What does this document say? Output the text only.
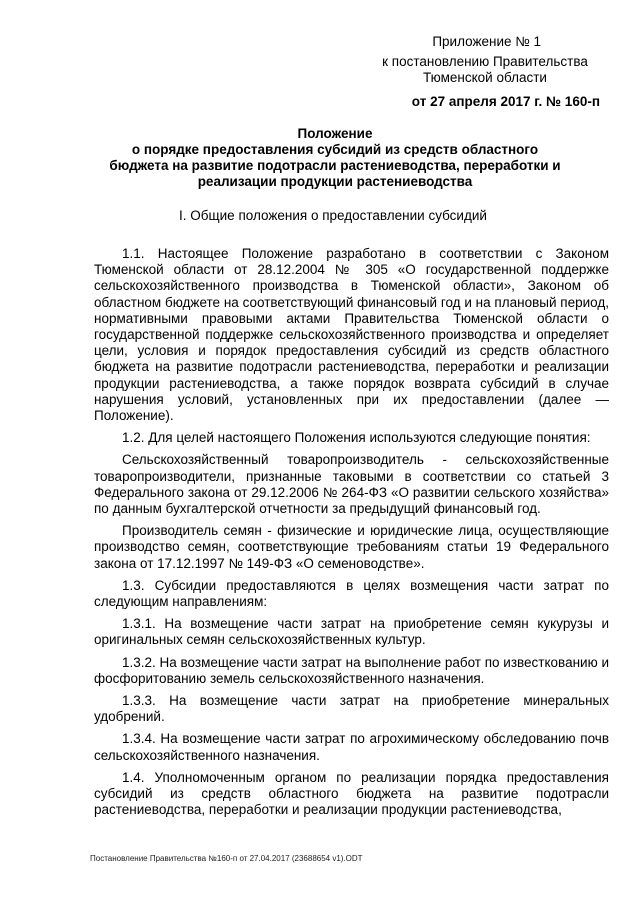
Приложение № 1
к постановлению Правительства
Тюменской области
от 27 апреля 2017 г. № 160-п
Положение
о порядке предоставления субсидий из средств областного
бюджета на развитие подотрасли растениеводства, переработки и
реализации продукции растениеводства
I. Общие положения о предоставлении субсидий

1.1. Настоящее Положение разработано в соответствии с Законом Тюменской области от 28.12.2004 № 305 «О государственной поддержке сельскохозяйственного производства в Тюменской области», Законом об областном бюджете на соответствующий финансовый год и на плановый период, нормативными правовыми актами Правительства Тюменской области о государственной поддержке сельскохозяйственного производства и определяет цели, условия и порядок предоставления субсидий из средств областного бюджета на развитие подотрасли растениеводства, переработки и реализации продукции растениеводства, а также порядок возврата субсидий в случае нарушения условий, установленных при их предоставлении (далее — Положение).

1.2. Для целей настоящего Положения используются следующие понятия:

Сельскохозяйственный товаропроизводитель - сельскохозяйственные товаропроизводители, признанные таковыми в соответствии со статьей 3 Федерального закона от 29.12.2006 № 264-ФЗ «О развитии сельского хозяйства» по данным бухгалтерской отчетности за предыдущий финансовый год.

Производитель семян - физические и юридические лица, осуществляющие производство семян, соответствующие требованиям статьи 19 Федерального закона от 17.12.1997 № 149-ФЗ «О семеноводстве».

1.3. Субсидии предоставляются в целях возмещения части затрат по следующим направлениям:

1.3.1. На возмещение части затрат на приобретение семян кукурузы и оригинальных семян сельскохозяйственных культур.

1.3.2. На возмещение части затрат на выполнение работ по известкованию и фосфоритованию земель сельскохозяйственного назначения.

1.3.3. На возмещение части затрат на приобретение минеральных удобрений.

1.3.4. На возмещение части затрат по агрохимическому обследованию почв сельскохозяйственного назначения.

1.4. Уполномоченным органом по реализации порядка предоставления субсидий из средств областного бюджета на развитие подотрасли растениеводства, переработки и реализации продукции растениеводства,

Постановление Правительства №160-п от 27.04.2017 (23688654 v1).ODT
